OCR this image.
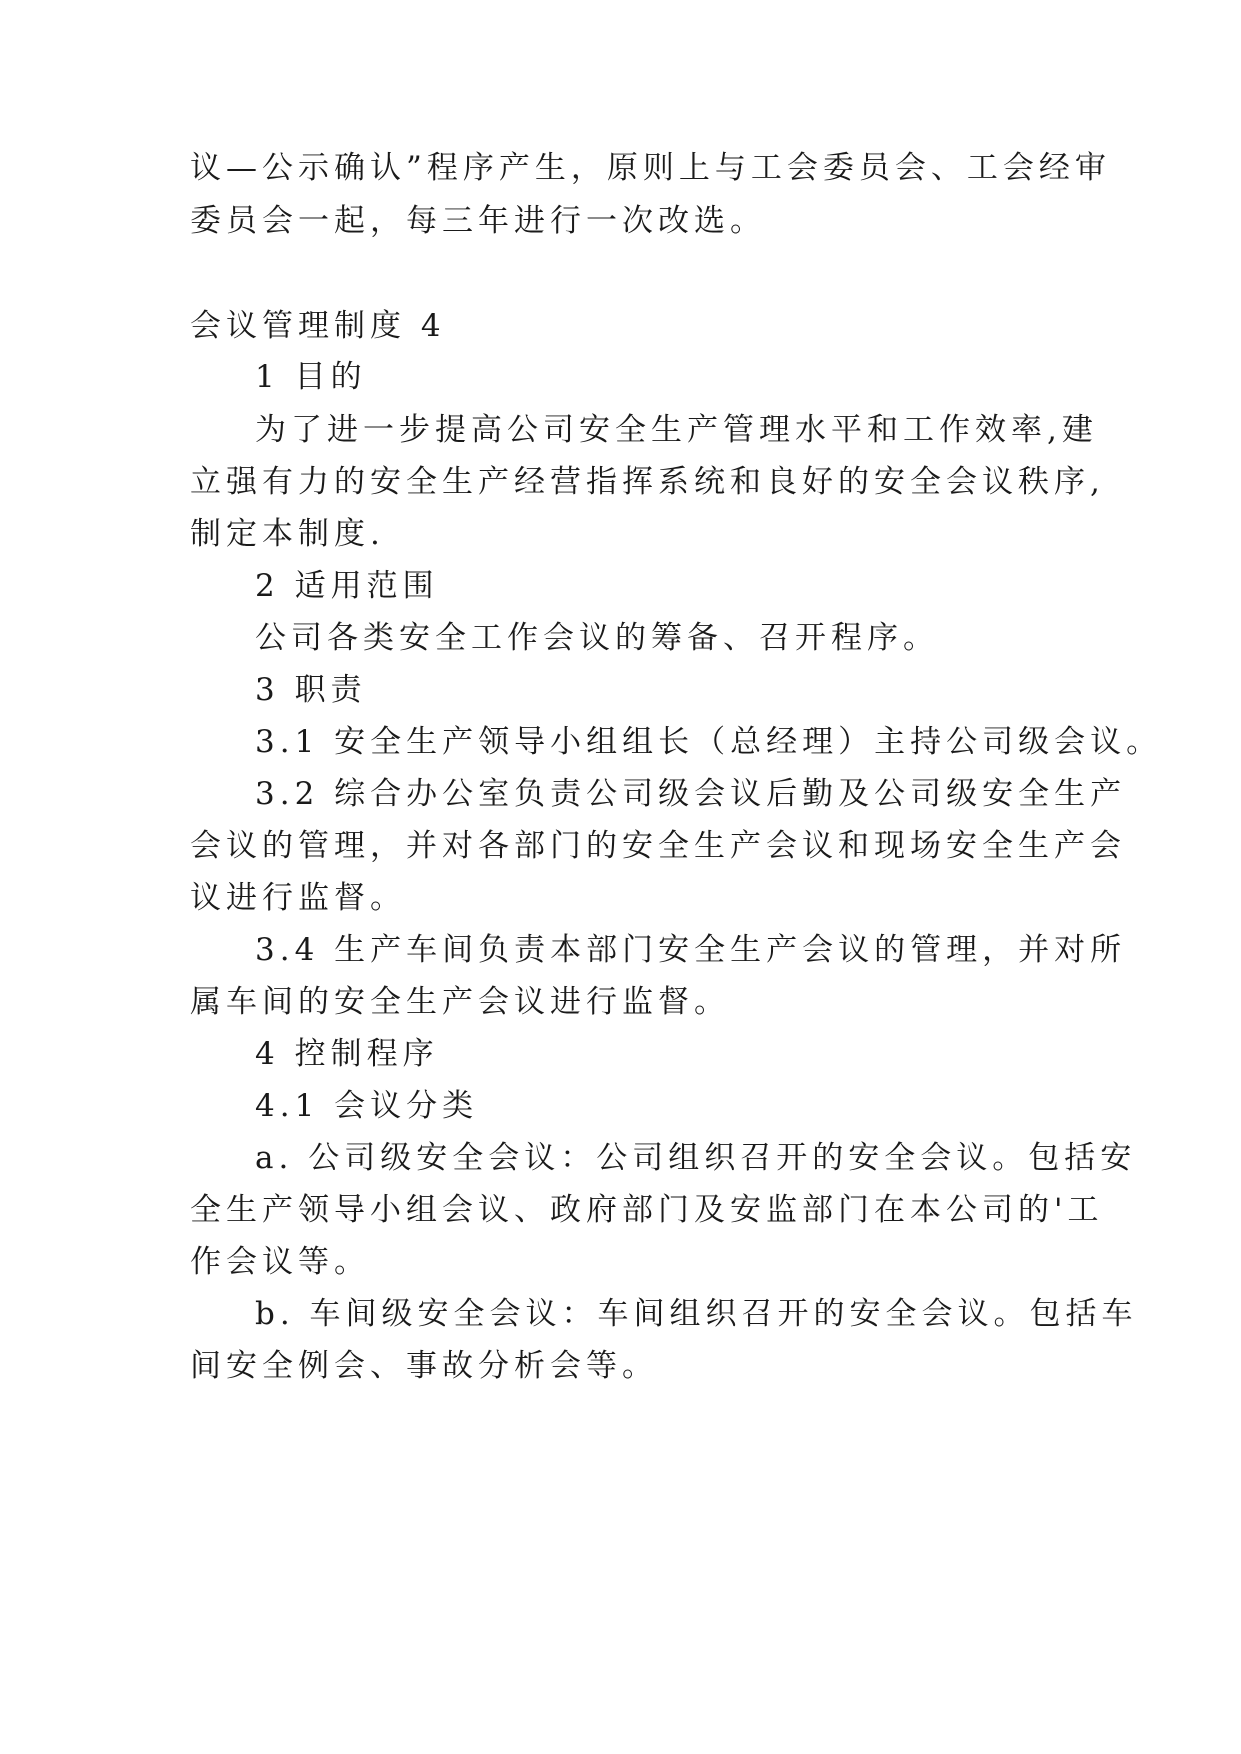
议—公示确认”程序产生，原则上与工会委员会、工会经审
委员会一起，每三年进行一次改选。
会议管理制度 4
1 目的
为了进一步提高公司安全生产管理水平和工作效率,建
立强有力的安全生产经营指挥系统和良好的安全会议秩序,
制定本制度.
2 适用范围
公司各类安全工作会议的筹备、召开程序。
3 职责
3.1 安全生产领导小组组长（总经理）主持公司级会议。
3.2 综合办公室负责公司级会议后勤及公司级安全生产
会议的管理，并对各部门的安全生产会议和现场安全生产会
议进行监督。
3.4 生产车间负责本部门安全生产会议的管理，并对所
属车间的安全生产会议进行监督。
4 控制程序
4.1 会议分类
a. 公司级安全会议：公司组织召开的安全会议。包括安
全生产领导小组会议、政府部门及安监部门在本公司的'工
作会议等。
b. 车间级安全会议：车间组织召开的安全会议。包括车
间安全例会、事故分析会等。
